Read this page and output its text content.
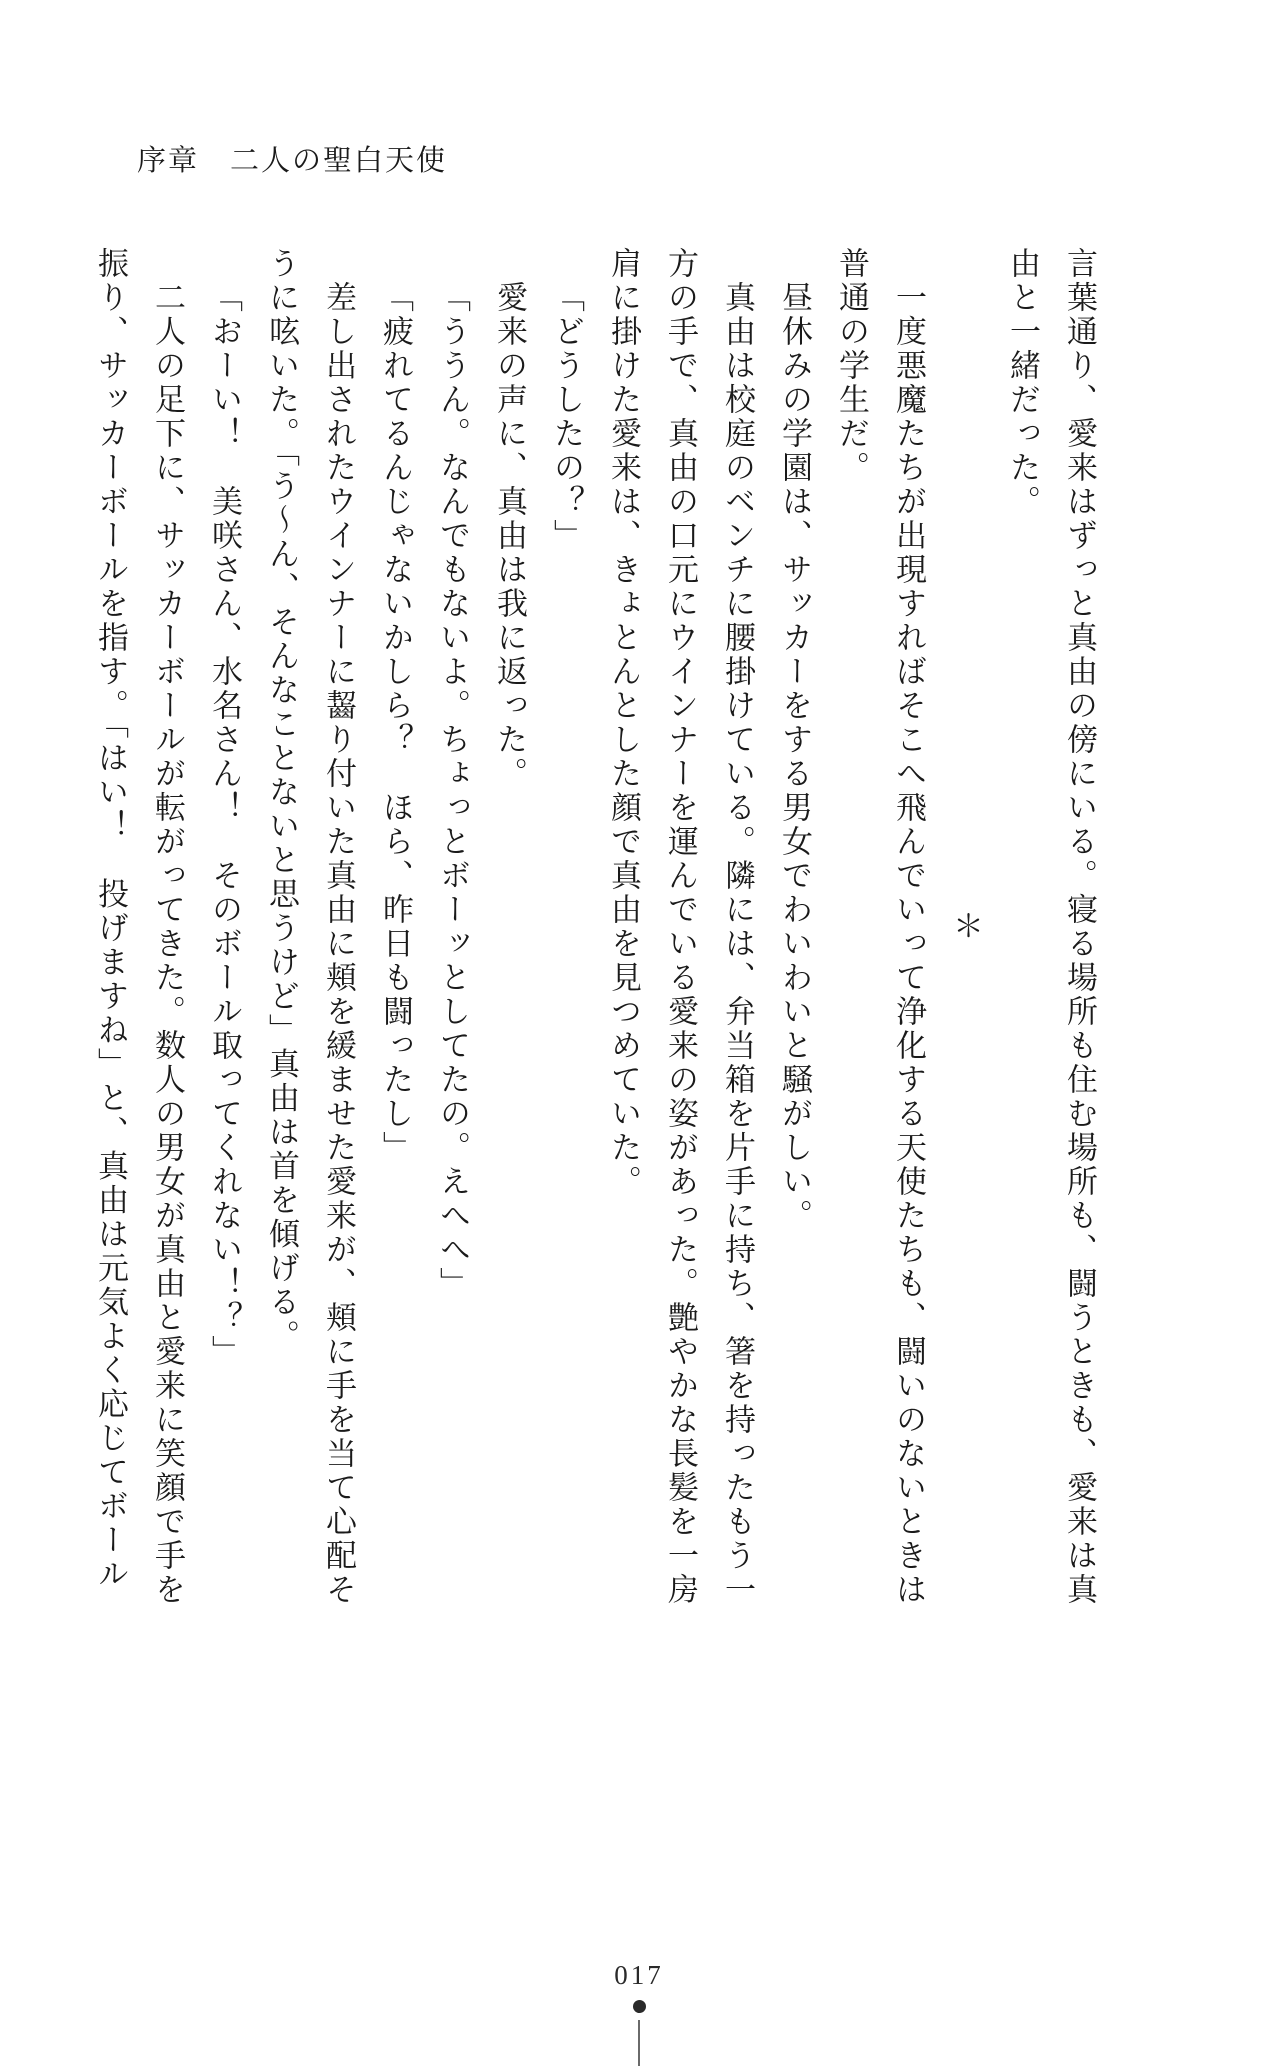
序章　二人の聖白天使
言葉通り、愛来はずっと真由の傍にいる。寝る場所も住む場所も、闘うときも、愛来は真
由と一緒だった。
＊
一度悪魔たちが出現すればそこへ飛んでいって浄化する天使たちも、闘いのないときは
普通の学生だ。
昼休みの学園は、サッカーをする男女でわいわいと騒がしい。
真由は校庭のベンチに腰掛けている。隣には、弁当箱を片手に持ち、箸を持ったもう一
方の手で、真由の口元にウインナーを運んでいる愛来の姿があった。艶やかな長髪を一房
肩に掛けた愛来は、きょとんとした顔で真由を見つめていた。
「どうしたの？」
愛来の声に、真由は我に返った。
「ううん。なんでもないよ。ちょっとボーッとしてたの。えへへ」
「疲れてるんじゃないかしら？　ほら、昨日も闘ったし」
差し出されたウインナーに齧り付いた真由に頬を緩ませた愛来が、頬に手を当て心配そ
うに呟いた。「う〜ん、そんなことないと思うけど」真由は首を傾げる。
「おーい！　美咲さん、水名さん！　そのボール取ってくれない！？」
二人の足下に、サッカーボールが転がってきた。数人の男女が真由と愛来に笑顔で手を
振り、サッカーボールを指す。「はい！　投げますね」と、真由は元気よく応じてボール
017
